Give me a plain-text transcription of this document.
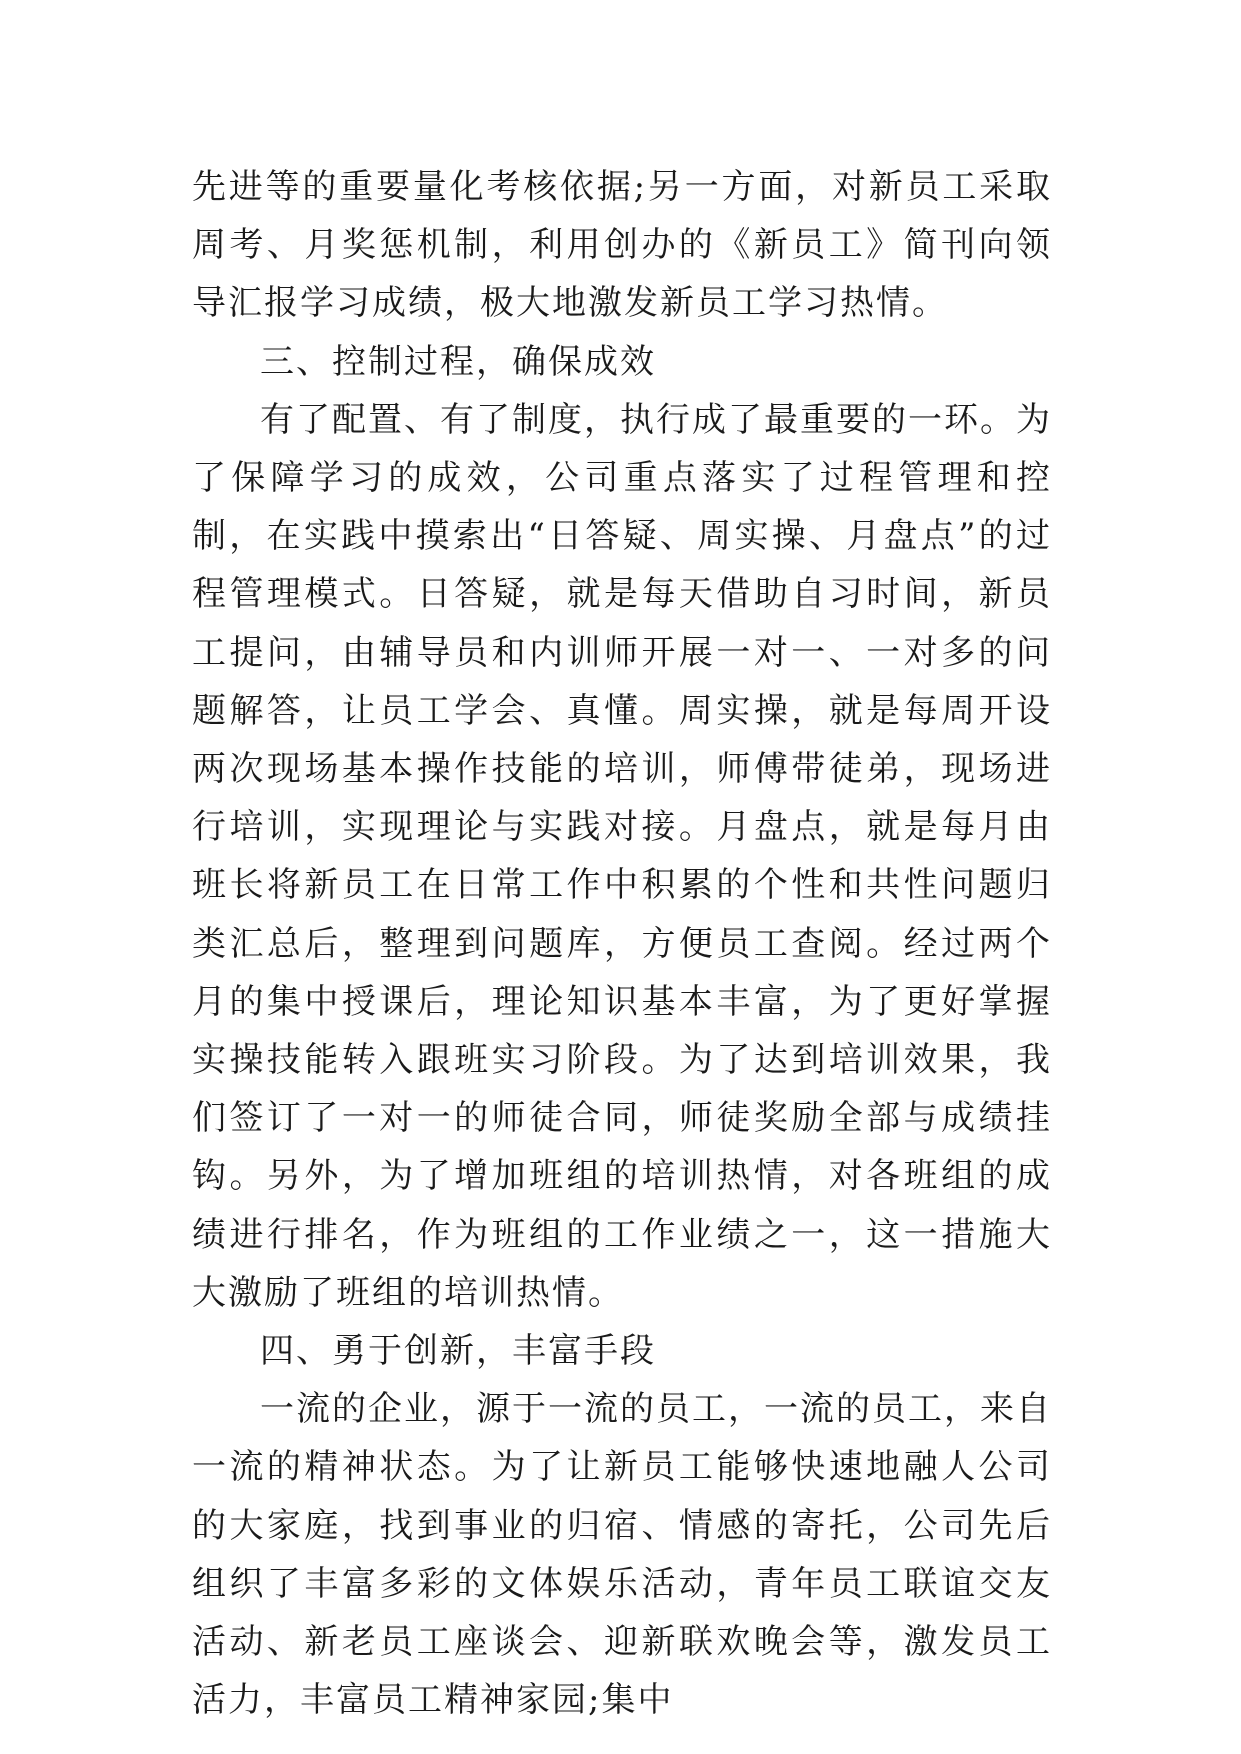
先进等的重要量化考核依据;另一方面，对新员工采取周考、月奖惩机制，利用创办的《新员工》简刊向领导汇报学习成绩，极大地激发新员工学习热情。

三、控制过程，确保成效

有了配置、有了制度，执行成了最重要的一环。为了保障学习的成效，公司重点落实了过程管理和控制，在实践中摸索出“日答疑、周实操、月盘点”的过程管理模式。日答疑，就是每天借助自习时间，新员工提问，由辅导员和内训师开展一对一、一对多的问题解答，让员工学会、真懂。周实操，就是每周开设两次现场基本操作技能的培训，师傅带徒弟，现场进行培训，实现理论与实践对接。月盘点，就是每月由班长将新员工在日常工作中积累的个性和共性问题归类汇总后，整理到问题库，方便员工查阅。经过两个月的集中授课后，理论知识基本丰富，为了更好掌握实操技能转入跟班实习阶段。为了达到培训效果，我们签订了一对一的师徒合同，师徒奖励全部与成绩挂钩。另外，为了增加班组的培训热情，对各班组的成绩进行排名，作为班组的工作业绩之一，这一措施大大激励了班组的培训热情。

四、勇于创新，丰富手段

一流的企业，源于一流的员工，一流的员工，来自一流的精神状态。为了让新员工能够快速地融人公司的大家庭，找到事业的归宿、情感的寄托，公司先后组织了丰富多彩的文体娱乐活动，青年员工联谊交友活动、新老员工座谈会、迎新联欢晚会等，激发员工活力，丰富员工精神家园;集中
